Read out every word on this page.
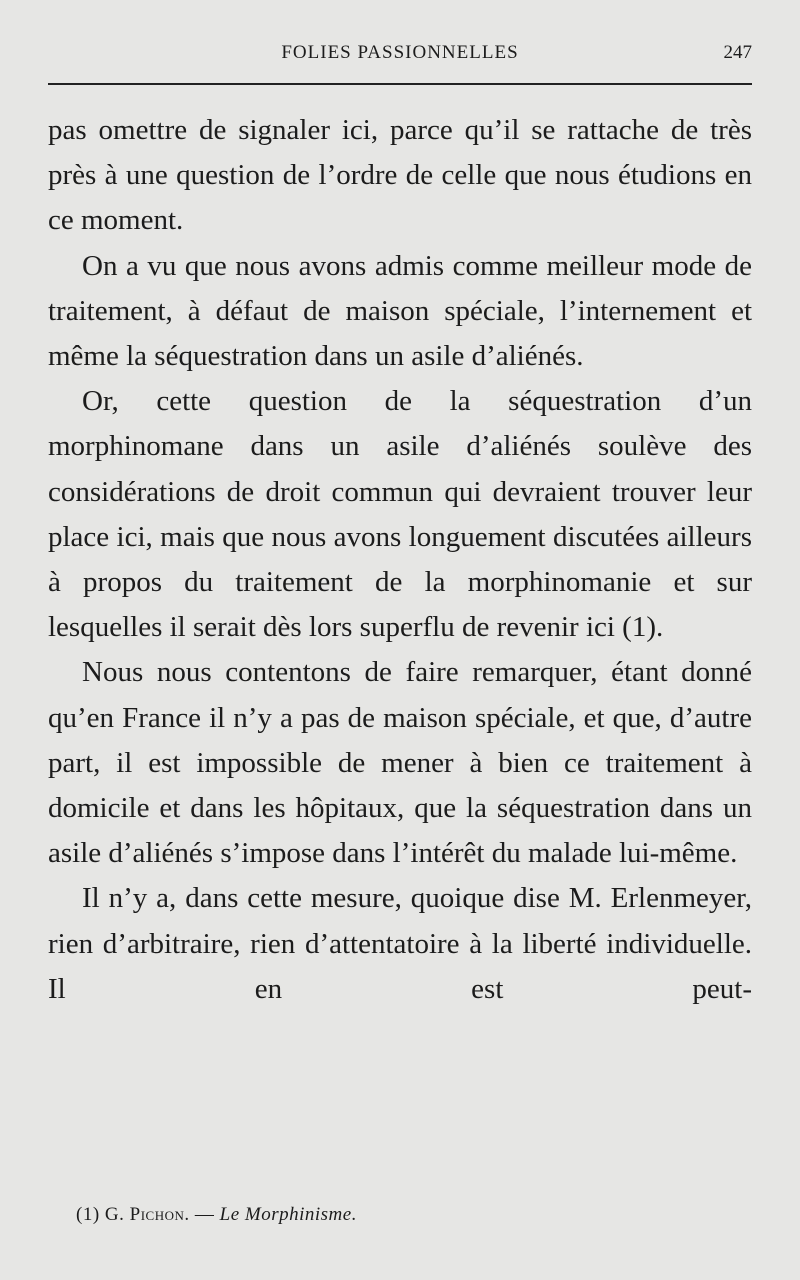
FOLIES PASSIONNELLES	247

pas omettre de signaler ici, parce qu’il se rattache de très près à une question de l’ordre de celle que nous étudions en ce moment.

On a vu que nous avons admis comme meilleur mode de traitement, à défaut de maison spéciale, l’internement et même la séquestration dans un asile d’aliénés.

Or, cette question de la séquestration d’un morphinomane dans un asile d’aliénés soulève des considérations de droit commun qui devraient trouver leur place ici, mais que nous avons longuement discutées ailleurs à propos du traitement de la morphinomanie et sur lesquelles il serait dès lors superflu de revenir ici (1).

Nous nous contentons de faire remarquer, étant donné qu’en France il n’y a pas de maison spéciale, et que, d’autre part, il est impossible de mener à bien ce traitement à domicile et dans les hôpitaux, que la séquestration dans un asile d’aliénés s’impose dans l’intérêt du malade lui-même.

Il n’y a, dans cette mesure, quoique dise M. Erlenmeyer, rien d’arbitraire, rien d’attentatoire à la liberté individuelle. Il en est peut-

(1) G. Pichon. — Le Morphinisme.
